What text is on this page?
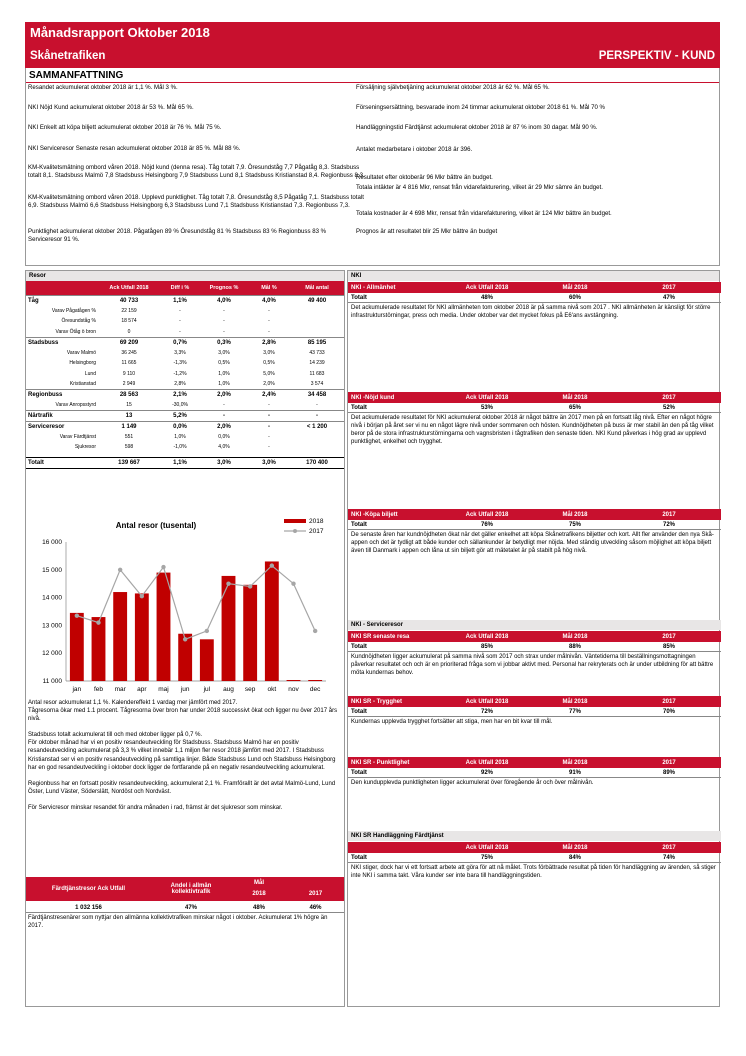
Månadsrapport Oktober 2018
Skånetrafiken	PERSPEKTIV - KUND
SAMMANFATTNING

Resandet ackumulerat oktober 2018 är 1,1 %. Mål 3 %.

NKI Nöjd Kund ackumulerat oktober 2018 är 53 %. Mål 65 %.

NKI Enkelt att köpa biljett ackumulerat oktober 2018 är 76 %. Mål 75 %.

NKI Serviceresor Senaste resan ackumulerat oktober 2018 är 85 %. Mål 88 %.

KM-Kvalitetsmätning ombord våren 2018. Nöjd kund (denna resa). Tåg totalt 7,9. Öresundståg 7,7 Pågatåg 8,3. Stadsbuss totalt 8,1. Stadsbuss Malmö 7,8 Stadsbuss Helsingborg 7,9 Stadsbuss Lund 8,1 Stadsbuss Kristianstad 8,4. Regionbuss 8,3.

KM-Kvalitetsmätning ombord våren 2018. Upplevd punktlighet. Tåg totalt 7,8. Öresundståg 8,5 Pågatåg 7,1. Stadsbuss totalt 6,9. Stadsbuss Malmö 6,6 Stadsbuss Helsingborg 6,3 Stadsbuss Lund 7,1 Stadsbuss Kristianstad 7,3. Regionbuss 7,3.

Punktlighet ackumulerat oktober 2018. Pågatågen 89 % Öresundståg 81 % Stadsbuss 83 % Regionbuss 83 % Serviceresor 91 %.

Försäljning självbetjäning ackumulerat oktober 2018 är 62 %. Mål 65 %.

Förseningsersättning, besvarade inom 24 timmar ackumulerat oktober 2018 61 %. Mål 70 %

Handläggningstid Färdtjänst ackumulerat oktober 2018 är 87 % inom 30 dagar. Mål 90 %.

Antalet medarbetare i oktober 2018 är 396.

Resultatet efter oktoberär 96 Mkr bättre än budget.

Totala intäkter är 4 816 Mkr, rensat från vidarefakturering, vilket är 29 Mkr sämre än budget.

Totala kostnader är 4 698 Mkr, rensat från vidarefakturering, vilket är 124 Mkr bättre än budget.

Prognos är att resultatet blir 25 Mkr bättre än budget

Resor
	Ack Utfall 2018	Diff i %	Prognos %	Mål %	Mål antal
Tåg	40 733	1,1%	4,0%	4,0%	49 400
Varav Pågatågen %	22 159	-	-	-	
Öresundståg %	18 574	-	-	-	
Varav Ötåg ö bron	0	-	-	-	
Stadsbuss	69 209	0,7%	0,3%	2,8%	85 195
Varav Malmö	36 245	3,3%	3,0%	3,0%	43 733
Helsingborg	11 665	-1,3%	0,5%	0,5%	14 239
Lund	9 110	-1,2%	1,0%	5,0%	11 683
Kristianstad	2 949	2,8%	1,0%	2,0%	3 574
Regionbuss	28 563	2,1%	2,0%	2,4%	34 458
Varav Anropsstyrd	15	-30,0%	-	-	-
Närtrafik	13	5,2%	-	-	-
Serviceresor	1 149	0,0%	2,0%	-	< 1 200
Varav Färdtjänst	551	1,0%	0,0%	-	
Sjukresor	598	-1,0%	4,0%	-	

Totalt	139 667	1,1%	3,0%	3,0%	170 400
Antal resor (tusental)
11 000
12 000
13 000
14 000
15 000
16 000
jan feb mar apr maj jun jul aug sep okt nov dec
2018
2017
Antal resor ackumulerat 1,1 %. Kalendereffekt 1 vardag mer jämfört med 2017.
Tågresorna ökar med 1.1 procent. Tågresorna över bron har under 2018 successivt ökat och ligger nu över 2017 års nivå.
Stadsbuss totalt ackumulerat till och med oktober ligger på 0,7 %.
För oktober månad har vi en positiv resandeutveckling för Stadsbuss. Stadsbuss Malmö har en positiv resandeutveckling ackumulerat på 3,3 % vilket innebär 1,1 miljon fler resor 2018 jämfört med 2017. I Stadsbuss Kristianstad ser vi en positiv resandeutveckling på samtliga linjer. Både Stadsbuss Lund och Stadsbuss Helsingborg har en god resandeutveckling i oktober dock ligger de fortfarande på en negativ resandeutveckling ackumulerat.
Regionbuss har en fortsatt positiv resandeutveckling, ackumulerat 2,1 %. Framförallt är det avtal Malmö-Lund, Lund Öster, Lund Väster, Söderslätt, Nordöst och Nordväst.
För Servicresor minskar resandet för andra månaden i rad, främst är det sjukresor som minskar.
Färdtjänstresor Ack Utfall	Andel i allmän kollektivtrafik
Mål
2018	2017
1 032 156	47%	48%	46%
Färdtjänstresenärer som nyttjar den allmänna kollektivtrafiken minskar något i oktober. Ackumulerat 1% högre än 2017.
NKI
NKI - Allmänhet	Ack Utfall 2018	Mål 2018	2017
Totalt	48%	60%	47%
Det ackumulerade resultatet för NKI allmänheten tom oktober 2018 är på samma nivå som 2017 . NKI allmänheten är känsligt för större infrastrukturstörningar, press och media. Under oktober var det mycket fokus på E6'ans avstängning.
NKI -Nöjd kund	Ack Utfall 2018	Mål 2018	2017
Totalt	53%	65%	52%
Det ackumulerade resultatet för NKI ackumulerat oktober 2018 är något bättre än 2017 men på en fortsatt låg nivå. Efter en något högre nivå i början på året ser vi nu en något lägre nivå under sommaren och hösten. Kundnöjdheten på buss är mer stabil än den på tåg vilket beror på de stora infrastrukturstörningarna och vagnsbristen i tågtrafiken den senaste tiden. NKI Kund påverkas i hög grad av upplevd punktlighet, enkelhet och trygghet.
NKI -Köpa biljett	Ack Utfall 2018	Mål 2018	2017
Totalt	76%	75%	72%
De senaste åren har kundnöjdheten ökat när det gäller enkelhet att köpa Skånetrafikens biljetter och kort. Allt fler använder den nya Skå-appen och det är tydligt att både kunder och sällankunder är betydligt mer nöjda. Med ständig utveckling såsom möjlighet att köpa biljett även till Danmark i appen och låna ut sin biljett gör att mätetalet är på stabilt på hög nivå.
NKI - Serviceresor
NKI SR senaste resa	Ack Utfall 2018	Mål 2018	2017
Totalt	85%	88%	85%
Kundnöjdheten ligger ackumulerat på samma nivå som 2017 och strax under målnivån. Väntetiderna till beställningsmottagningen påverkar resultatet och och är en prioriterad fråga som vi jobbar aktivt med. Personal har rekryterats och är under utbildning för att bättre möta kundernas behov.
NKI SR - Trygghet	Ack Utfall 2018	Mål 2018	2017
Totalt	72%	77%	70%
Kundernas upplevda trygghet fortsätter att stiga, men har en bit kvar till mål.
NKI SR - Punktlighet	Ack Utfall 2018	Mål 2018	2017
Totalt	92%	91%	89%
Den kundupplevda punktligheten ligger ackumulerat över föregående år och över målnivån.
NKI SR Handläggning Färdtjänst
Ack Utfall 2018	Mål 2018	2017
Totalt	75%	84%	74%
NKI stiger, dock har vi ett fortsatt arbete att göra för att nå målet. Trots förbättrade resultat på tiden för handläggning av ärenden, så stiger inte NKI i samma takt. Våra kunder ser inte bara till handläggningstiden.
